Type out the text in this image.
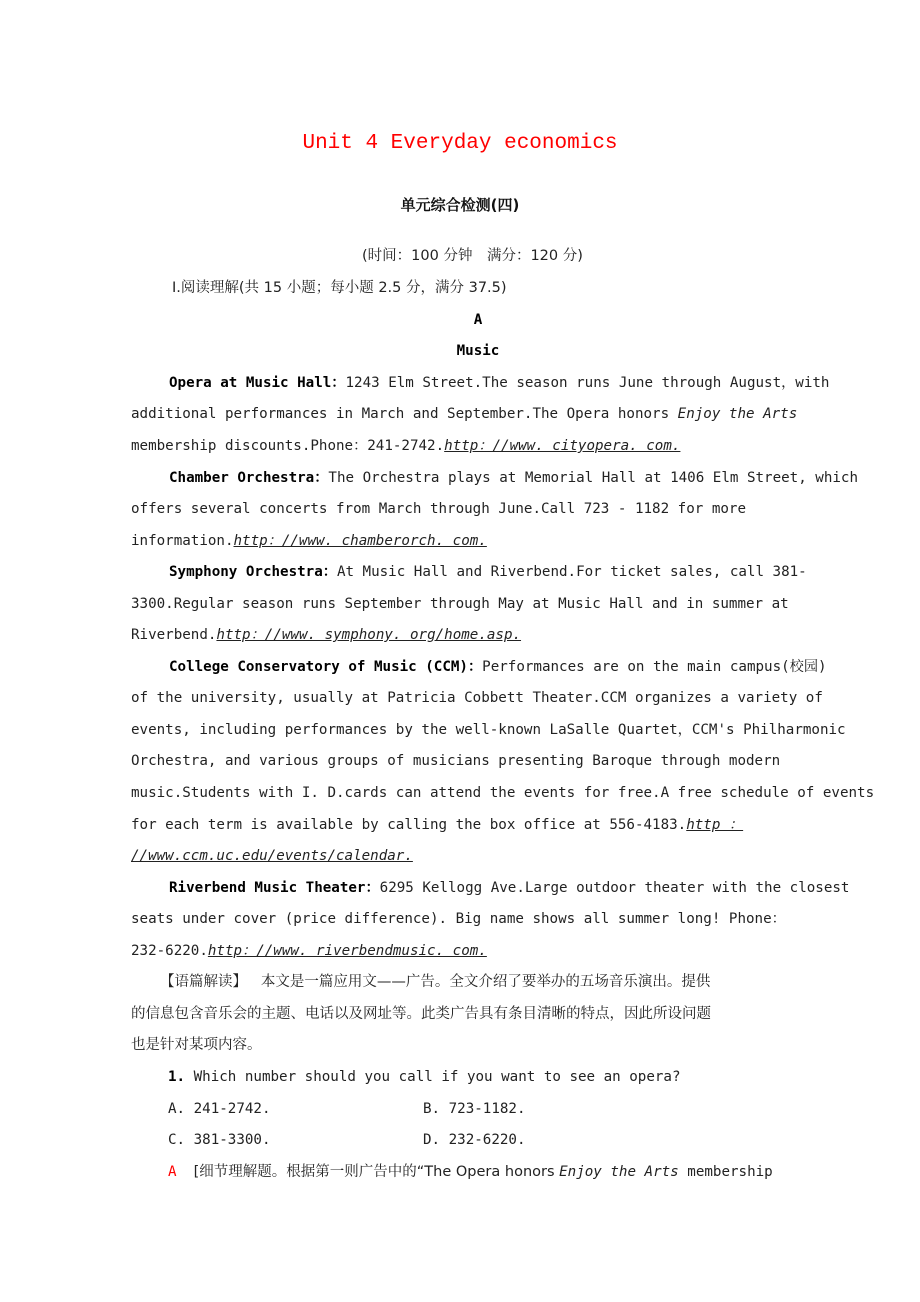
Unit 4 Everyday economics
单元综合检测(四)
(时间：100 分钟　满分：120 分)
Ⅰ.阅读理解(共 15 小题；每小题 2.5 分，满分 37.5)
A
Music
Opera at Music Hall：1243 Elm Street.The season runs June through August，with
additional performances in March and September.The Opera honors Enjoy the Arts
membership discounts.Phone：241-2742.http：//www. cityopera. com.
Chamber Orchestra：The Orchestra plays at Memorial Hall at 1406 Elm Street, which
offers several concerts from March through June.Call 723 - 1182 for more
information.http：//www. chamberorch. com.
Symphony Orchestra：At Music Hall and Riverbend.For ticket sales, call 381-
3300.Regular season runs September through May at Music Hall and in summer at
Riverbend.http：//www. symphony. org/home.asp.
College Conservatory of Music (CCM)：Performances are on the main campus(校园)
of the university, usually at Patricia Cobbett Theater.CCM organizes a variety of
events, including performances by the well-known LaSalle Quartet，CCM's Philharmonic
Orchestra, and various groups of musicians presenting Baroque through modern
music.Students with I. D.cards can attend the events for free.A free schedule of events
for each term is available by calling the box office at 556-4183.http ：
//www.ccm.uc.edu/events/calendar.
Riverbend Music Theater：6295 Kellogg Ave.Large outdoor theater with the closest
seats under cover (price difference). Big name shows all summer long! Phone：
232-6220.http：//www. riverbendmusic. com.
【语篇解读】 本文是一篇应用文——广告。全文介绍了要举办的五场音乐演出。提供
的信息包含音乐会的主题、电话以及网址等。此类广告具有条目清晰的特点，因此所设问题
也是针对某项内容。
1. Which number should you call if you want to see an opera?
A. 241-2742.	B. 723-1182.
C. 381-3300.	D. 232-6220.
A [细节理解题。根据第一则广告中的“The Opera honors Enjoy the Arts membership
